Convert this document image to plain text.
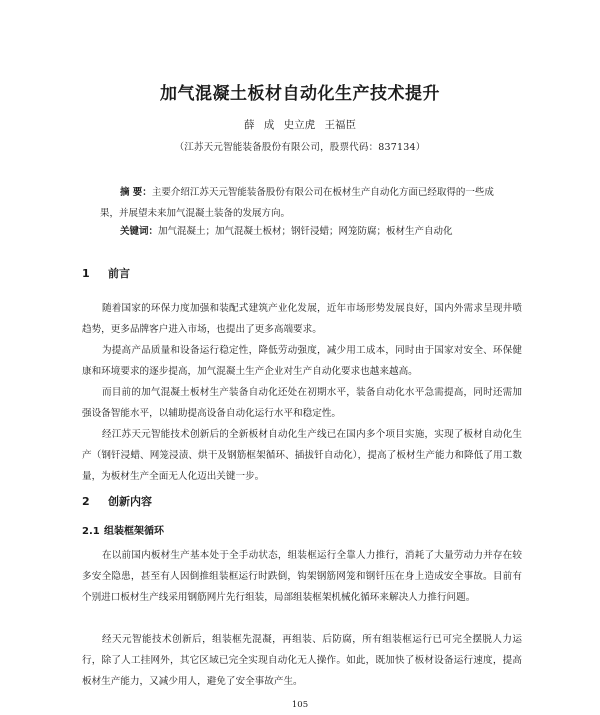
加气混凝土板材自动化生产技术提升
薛 成 史立虎 王福臣
（江苏天元智能装备股份有限公司，股票代码：837134）
摘 要：主要介绍江苏天元智能装备股份有限公司在板材生产自动化方面已经取得的一些成果，并展望未来加气混凝土装备的发展方向。
关键词：加气混凝土；加气混凝土板材；钢钎浸蜡；网笼防腐；板材生产自动化
1 前言
随着国家的环保力度加强和装配式建筑产业化发展，近年市场形势发展良好，国内外需求呈现井喷趋势，更多品牌客户进入市场，也提出了更多高端要求。
为提高产品质量和设备运行稳定性，降低劳动强度，减少用工成本，同时由于国家对安全、环保健康和环境要求的逐步提高，加气混凝土生产企业对生产自动化要求也越来越高。
而目前的加气混凝土板材生产装备自动化还处在初期水平，装备自动化水平急需提高，同时还需加强设备智能水平，以辅助提高设备自动化运行水平和稳定性。
经江苏天元智能技术创新后的全新板材自动化生产线已在国内多个项目实施，实现了板材自动化生产（钢钎浸蜡、网笼浸渍、烘干及钢筋框架循环、插拔钎自动化），提高了板材生产能力和降低了用工数量，为板材生产全面无人化迈出关键一步。
2 创新内容
2.1 组装框架循环
在以前国内板材生产基本处于全手动状态，组装框运行全靠人力推行，消耗了大量劳动力并存在较多安全隐患，甚至有人因倒推组装框运行时跌倒，钩架钢筋网笼和钢钎压在身上造成安全事故。目前有个别进口板材生产线采用钢筋网片先行组装，局部组装框架机械化循环来解决人力推行问题。
经天元智能技术创新后，组装框先混凝，再组装、后防腐，所有组装框运行已可完全摆脱人力运行，除了人工挂网外，其它区域已完全实现自动化无人操作。如此，既加快了板材设备运行速度，提高板材生产能力，又减少用人，避免了安全事故产生。
105
